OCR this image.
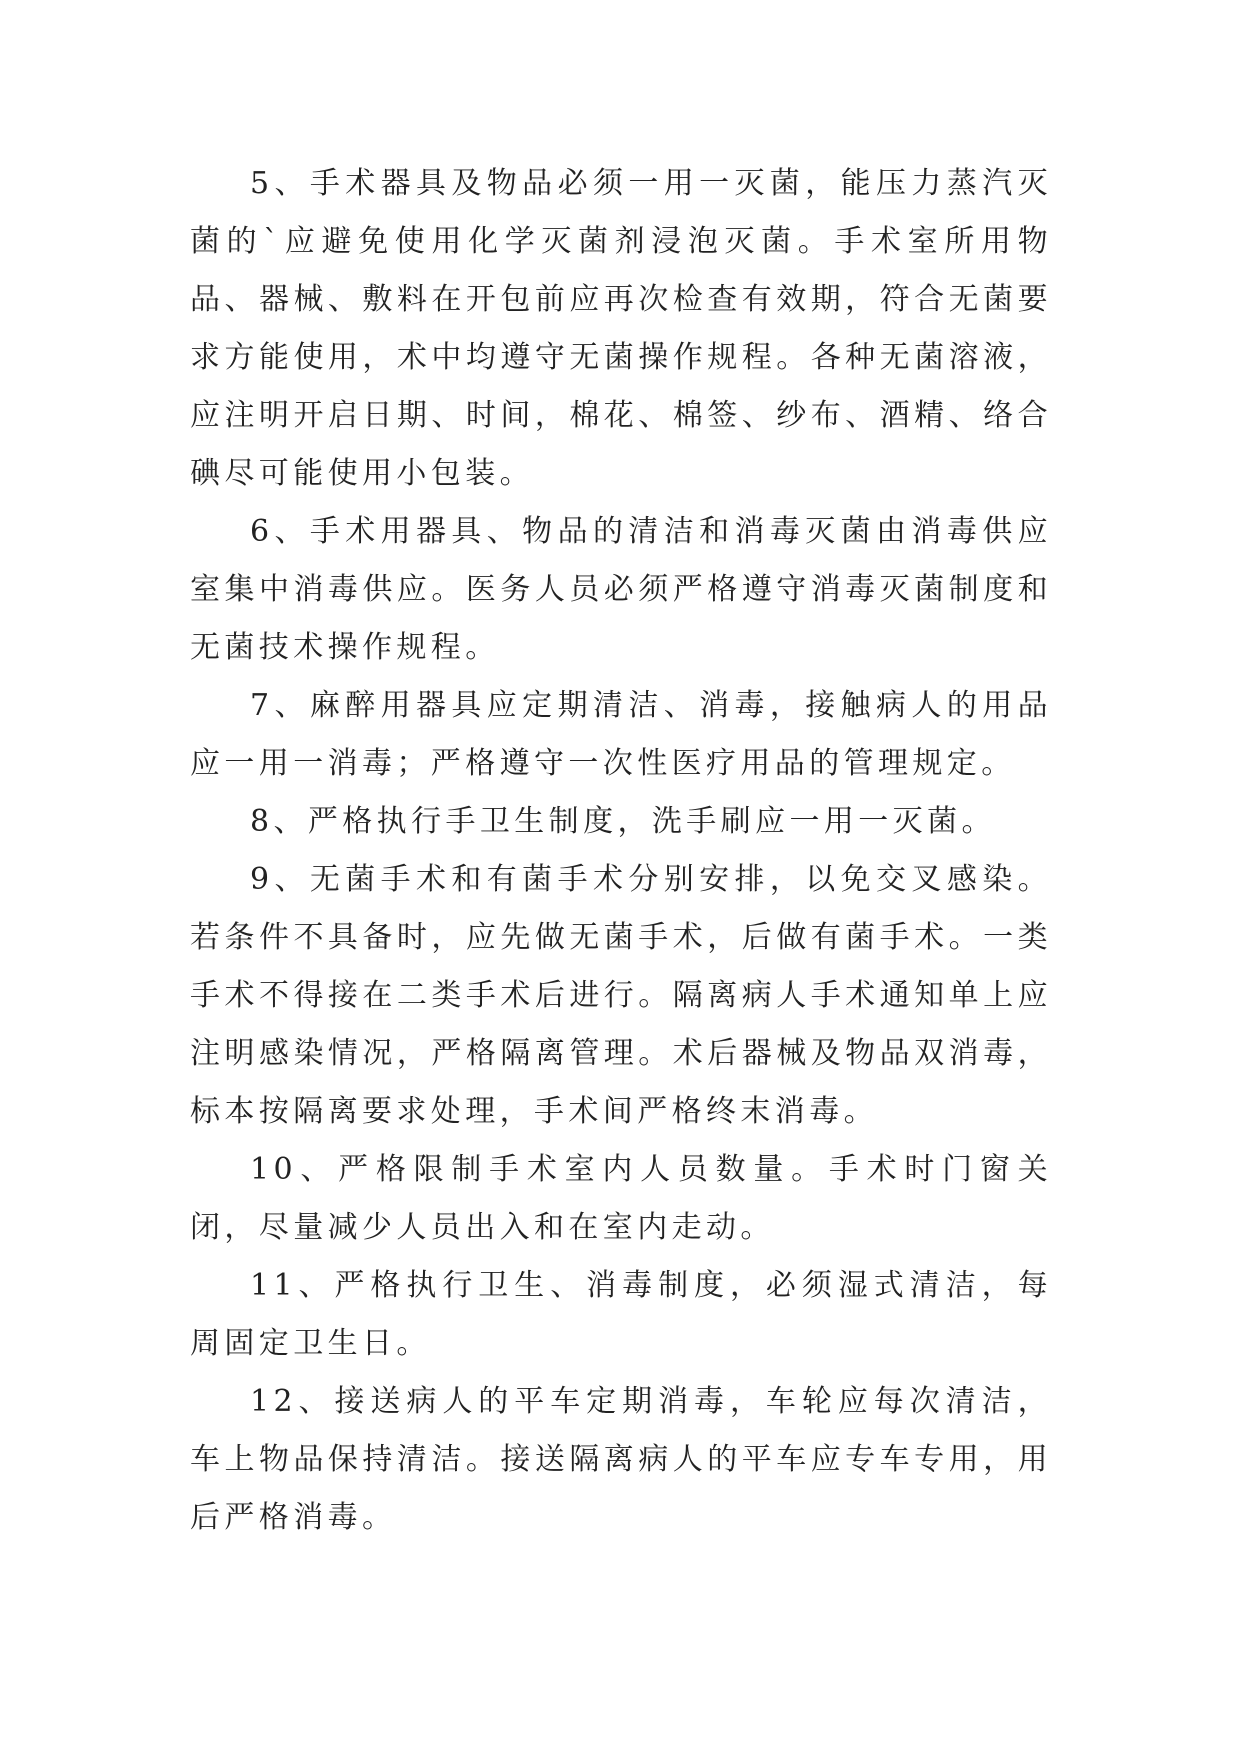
5、手术器具及物品必须一用一灭菌，能压力蒸汽灭菌的`应避免使用化学灭菌剂浸泡灭菌。手术室所用物品、器械、敷料在开包前应再次检查有效期，符合无菌要求方能使用，术中均遵守无菌操作规程。各种无菌溶液，应注明开启日期、时间，棉花、棉签、纱布、酒精、络合碘尽可能使用小包装。

6、手术用器具、物品的清洁和消毒灭菌由消毒供应室集中消毒供应。医务人员必须严格遵守消毒灭菌制度和无菌技术操作规程。

7、麻醉用器具应定期清洁、消毒，接触病人的用品应一用一消毒；严格遵守一次性医疗用品的管理规定。

8、严格执行手卫生制度，洗手刷应一用一灭菌。

9、无菌手术和有菌手术分别安排，以免交叉感染。若条件不具备时，应先做无菌手术，后做有菌手术。一类手术不得接在二类手术后进行。隔离病人手术通知单上应注明感染情况，严格隔离管理。术后器械及物品双消毒，标本按隔离要求处理，手术间严格终末消毒。

10、严格限制手术室内人员数量。手术时门窗关闭，尽量减少人员出入和在室内走动。

11、严格执行卫生、消毒制度，必须湿式清洁，每周固定卫生日。

12、接送病人的平车定期消毒，车轮应每次清洁，车上物品保持清洁。接送隔离病人的平车应专车专用，用后严格消毒。
